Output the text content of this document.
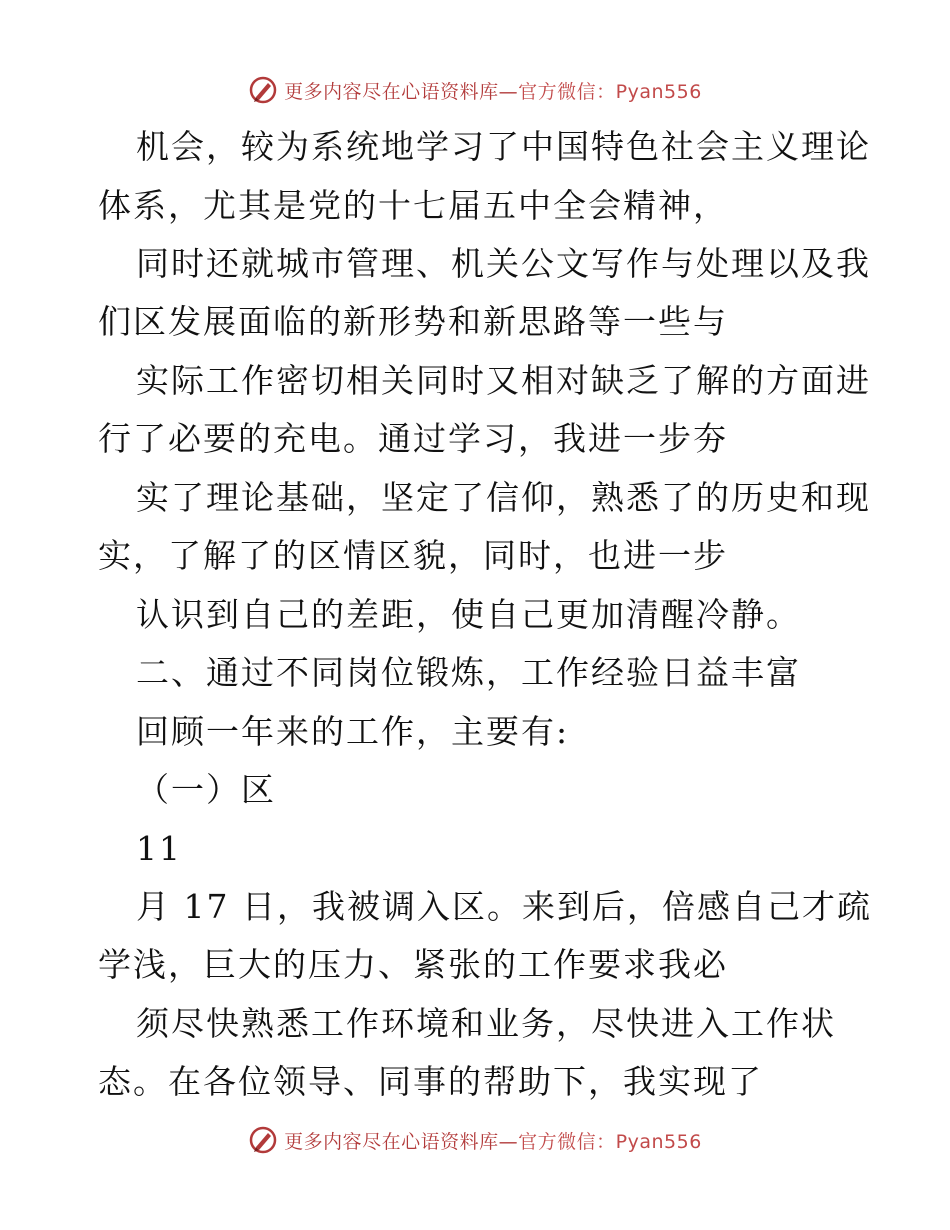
更多内容尽在心语资料库—官方微信：Pyan556
机会，较为系统地学习了中国特色社会主义理论
体系，尤其是党的十七届五中全会精神，
同时还就城市管理、机关公文写作与处理以及我
们区发展面临的新形势和新思路等一些与
实际工作密切相关同时又相对缺乏了解的方面进
行了必要的充电。通过学习，我进一步夯
实了理论基础，坚定了信仰，熟悉了的历史和现
实，了解了的区情区貌，同时，也进一步
认识到自己的差距，使自己更加清醒冷静。
二、通过不同岗位锻炼，工作经验日益丰富
回顾一年来的工作，主要有:
（一）区
11
月 17 日，我被调入区。来到后，倍感自己才疏
学浅，巨大的压力、紧张的工作要求我必
须尽快熟悉工作环境和业务，尽快进入工作状
态。在各位领导、同事的帮助下，我实现了
更多内容尽在心语资料库—官方微信：Pyan556
